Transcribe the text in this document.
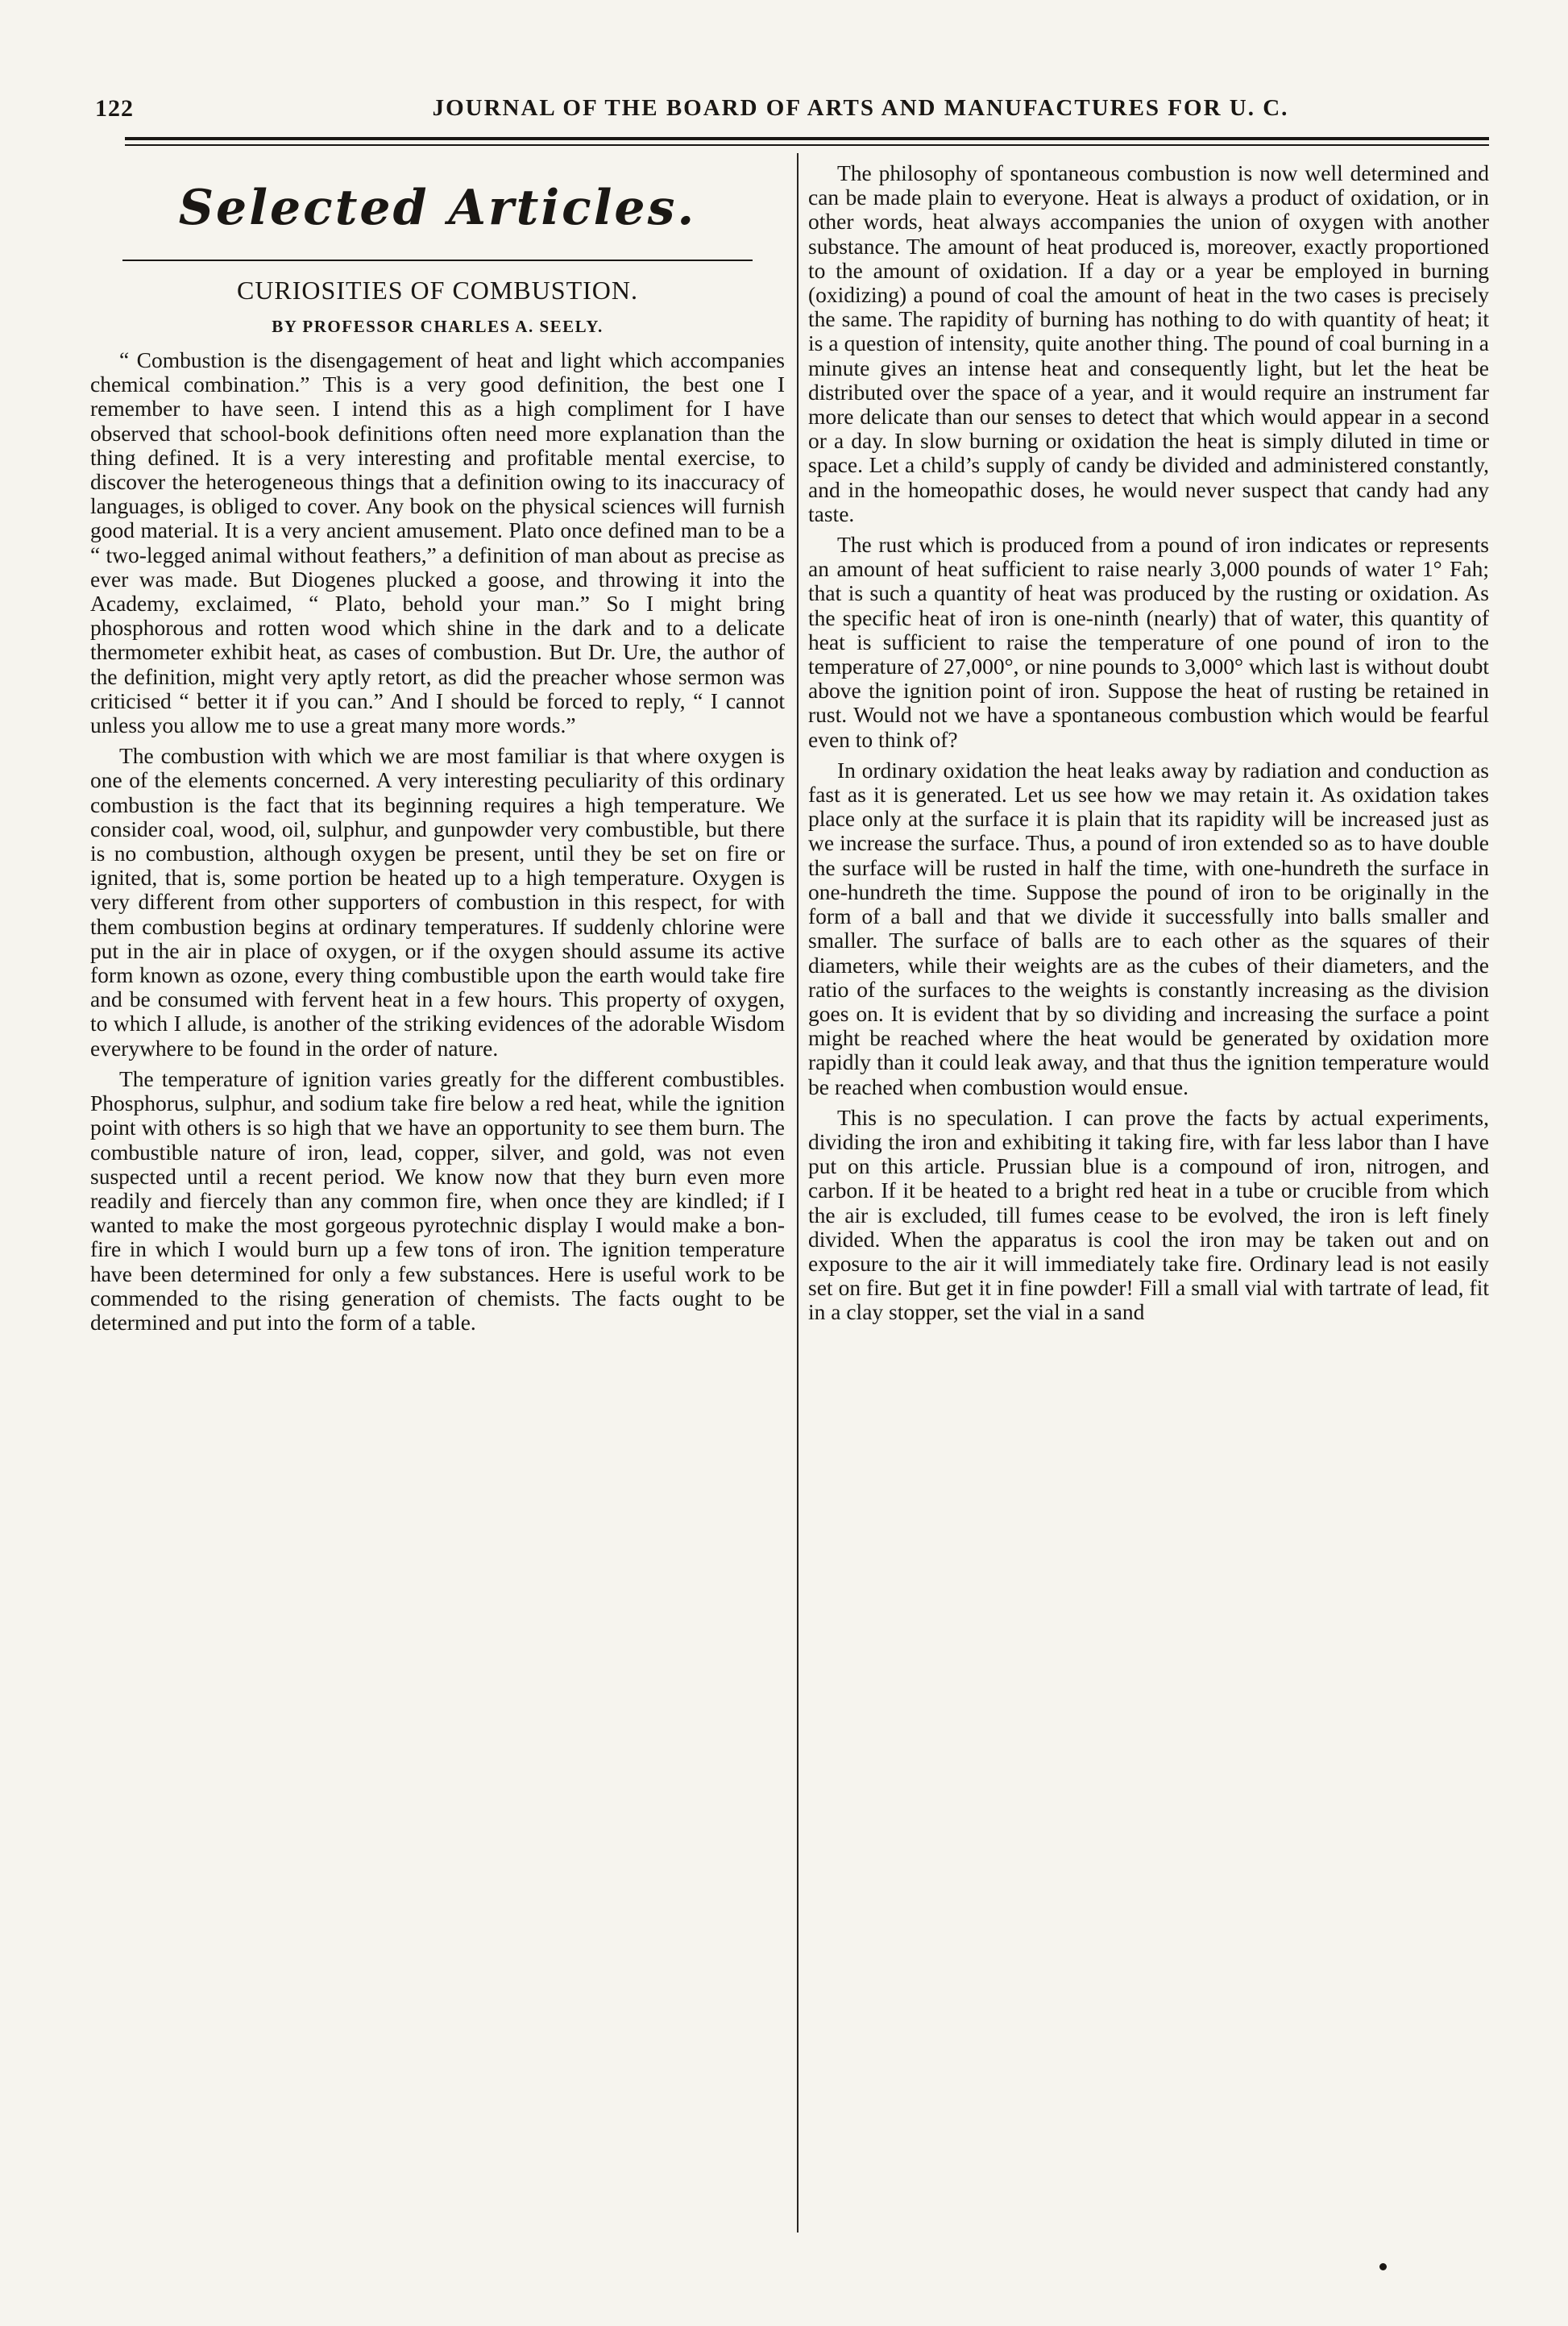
122	JOURNAL OF THE BOARD OF ARTS AND MANUFACTURES FOR U. C.
Selected Articles.
CURIOSITIES OF COMBUSTION.
BY PROFESSOR CHARLES A. SEELY.

“ Combustion is the disengagement of heat and light which accompanies chemical combination.” This is a very good definition, the best one I remember to have seen. I intend this as a high compliment for I have observed that school-book definitions often need more explanation than the thing defined. It is a very interesting and profitable mental exercise, to discover the heterogeneous things that a definition owing to its inaccuracy of languages, is obliged to cover. Any book on the physical sciences will furnish good material. It is a very ancient amusement. Plato once defined man to be a “ two-legged animal without feathers,” a definition of man about as precise as ever was made. But Diogenes plucked a goose, and throwing it into the Academy, exclaimed, “ Plato, behold your man.” So I might bring phosphorous and rotten wood which shine in the dark and to a delicate thermometer exhibit heat, as cases of combustion. But Dr. Ure, the author of the definition, might very aptly retort, as did the preacher whose sermon was criticised “ better it if you can.” And I should be forced to reply, “ I cannot unless you allow me to use a great many more words.”

The combustion with which we are most familiar is that where oxygen is one of the elements concerned. A very interesting peculiarity of this ordinary combustion is the fact that its beginning requires a high temperature. We consider coal, wood, oil, sulphur, and gunpowder very combustible, but there is no combustion, although oxygen be present, until they be set on fire or ignited, that is, some portion be heated up to a high temperature. Oxygen is very different from other supporters of combustion in this respect, for with them combustion begins at ordinary temperatures. If suddenly chlorine were put in the air in place of oxygen, or if the oxygen should assume its active form known as ozone, every thing combustible upon the earth would take fire and be consumed with fervent heat in a few hours. This property of oxygen, to which I allude, is another of the striking evidences of the adorable Wisdom everywhere to be found in the order of nature.

The temperature of ignition varies greatly for the different combustibles. Phosphorus, sulphur, and sodium take fire below a red heat, while the ignition point with others is so high that we have an opportunity to see them burn. The combustible nature of iron, lead, copper, silver, and gold, was not even suspected until a recent period. We know now that they burn even more readily and fiercely than any common fire, when once they are kindled; if I wanted to make the most gorgeous pyrotechnic display I would make a bon-fire in which I would burn up a few tons of iron. The ignition temperature have been determined for only a few substances. Here is useful work to be commended to the rising generation of chemists. The facts ought to be determined and put into the form of a table.

The philosophy of spontaneous combustion is now well determined and can be made plain to everyone. Heat is always a product of oxidation, or in other words, heat always accompanies the union of oxygen with another substance. The amount of heat produced is, moreover, exactly proportioned to the amount of oxidation. If a day or a year be employed in burning (oxidizing) a pound of coal the amount of heat in the two cases is precisely the same. The rapidity of burning has nothing to do with quantity of heat; it is a question of intensity, quite another thing. The pound of coal burning in a minute gives an intense heat and consequently light, but let the heat be distributed over the space of a year, and it would require an instrument far more delicate than our senses to detect that which would appear in a second or a day. In slow burning or oxidation the heat is simply diluted in time or space. Let a child’s supply of candy be divided and administered constantly, and in the homeopathic doses, he would never suspect that candy had any taste.

The rust which is produced from a pound of iron indicates or represents an amount of heat sufficient to raise nearly 3,000 pounds of water 1° Fah; that is such a quantity of heat was produced by the rusting or oxidation. As the specific heat of iron is one-ninth (nearly) that of water, this quantity of heat is sufficient to raise the temperature of one pound of iron to the temperature of 27,000°, or nine pounds to 3,000° which last is without doubt above the ignition point of iron. Suppose the heat of rusting be retained in rust. Would not we have a spontaneous combustion which would be fearful even to think of?

In ordinary oxidation the heat leaks away by radiation and conduction as fast as it is generated. Let us see how we may retain it. As oxidation takes place only at the surface it is plain that its rapidity will be increased just as we increase the surface. Thus, a pound of iron extended so as to have double the surface will be rusted in half the time, with one-hundreth the surface in one-hundreth the time. Suppose the pound of iron to be originally in the form of a ball and that we divide it successfully into balls smaller and smaller. The surface of balls are to each other as the squares of their diameters, while their weights are as the cubes of their diameters, and the ratio of the surfaces to the weights is constantly increasing as the division goes on. It is evident that by so dividing and increasing the surface a point might be reached where the heat would be generated by oxidation more rapidly than it could leak away, and that thus the ignition temperature would be reached when combustion would ensue.

This is no speculation. I can prove the facts by actual experiments, dividing the iron and exhibiting it taking fire, with far less labor than I have put on this article. Prussian blue is a compound of iron, nitrogen, and carbon. If it be heated to a bright red heat in a tube or crucible from which the air is excluded, till fumes cease to be evolved, the iron is left finely divided. When the apparatus is cool the iron may be taken out and on exposure to the air it will immediately take fire. Ordinary lead is not easily set on fire. But get it in fine powder! Fill a small vial with tartrate of lead, fit in a clay stopper, set the vial in a sand
